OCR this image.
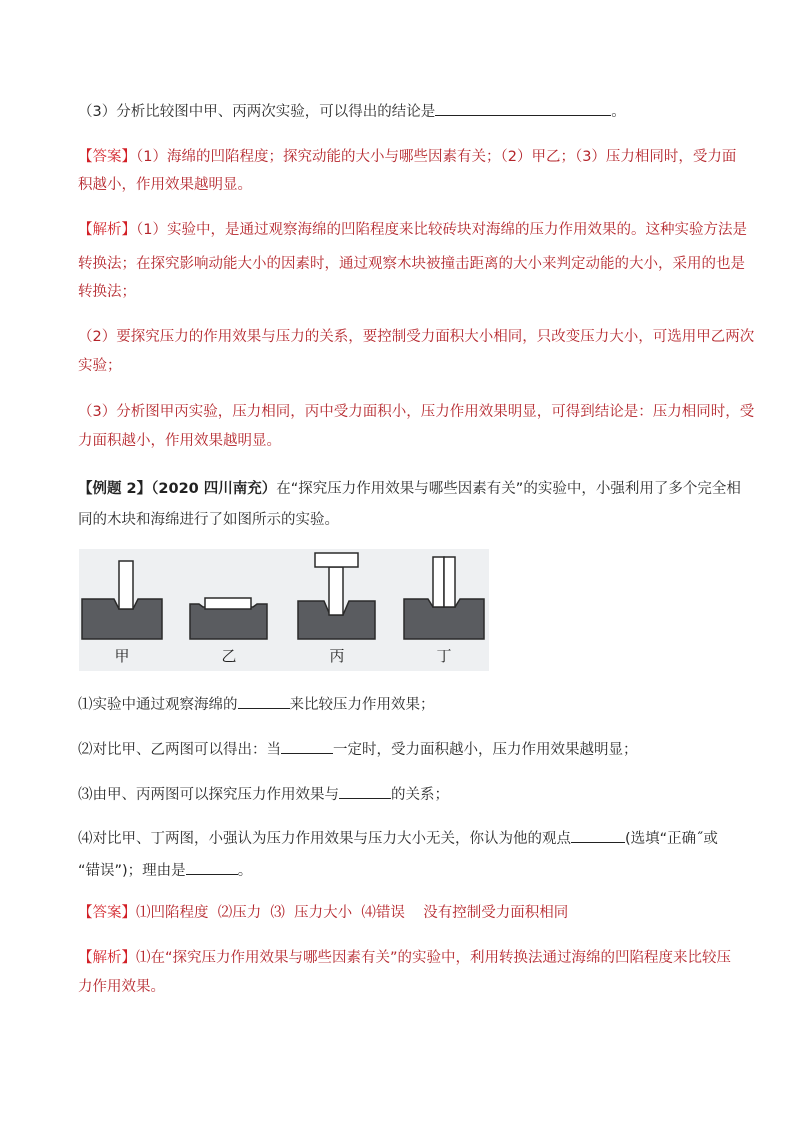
（3）分析比较图中甲、丙两次实验，可以得出的结论是	。
【答案】（1）海绵的凹陷程度；探究动能的大小与哪些因素有关；（2）甲乙；（3）压力相同时，受力面
积越小，作用效果越明显。
【解析】（1）实验中，是通过观察海绵的凹陷程度来比较砖块对海绵的压力作用效果的。这种实验方法是
转换法；在探究影响动能大小的因素时，通过观察木块被撞击距离的大小来判定动能的大小，采用的也是
转换法；
（2）要探究压力的作用效果与压力的关系，要控制受力面积大小相同，只改变压力大小，可选用甲乙两次
实验；
（3）分析图甲丙实验，压力相同，丙中受力面积小，压力作用效果明显，可得到结论是：压力相同时，受
力面积越小，作用效果越明显。
【例题 2】（2020 四川南充）在“探究压力作用效果与哪些因素有关”的实验中，小强利用了多个完全相
同的木块和海绵进行了如图所示的实验。
甲	乙	丙	丁
⑴实验中通过观察海绵的	来比较压力作用效果；
⑵对比甲、乙两图可以得出：当	一定时，受力面积越小，压力作用效果越明显；
⑶由甲、丙两图可以探究压力作用效果与	的关系；
⑷对比甲、丁两图，小强认为压力作用效果与压力大小无关，你认为他的观点	(选填“正确˝或
“错误”)；理由是	。
【答案】⑴凹陷程度  ⑵压力  ⑶  压力大小  ⑷错误    没有控制受力面积相同
【解析】⑴在“探究压力作用效果与哪些因素有关”的实验中，利用转换法通过海绵的凹陷程度来比较压
力作用效果。
